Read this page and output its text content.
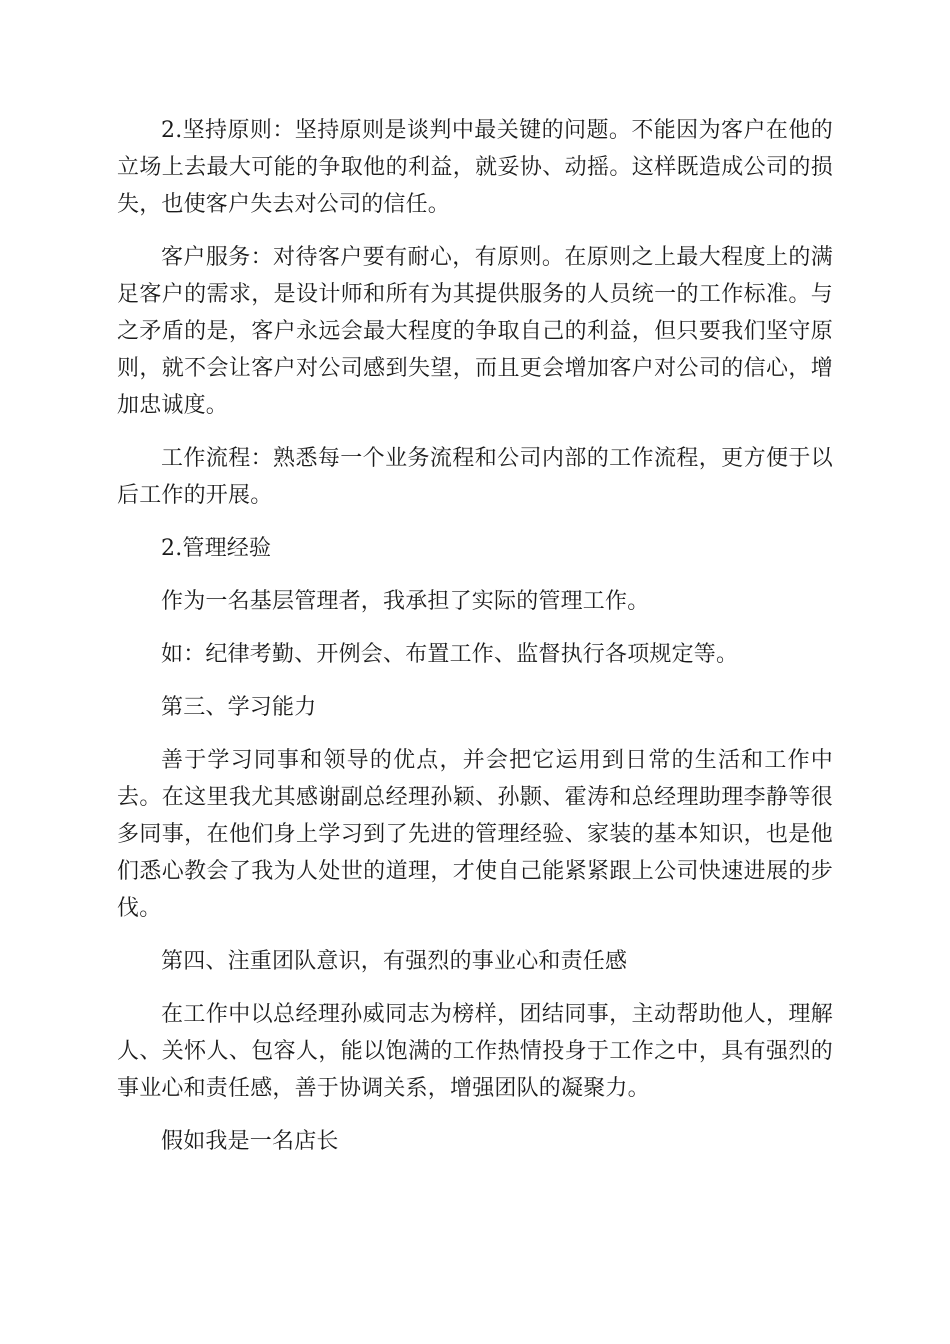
2.坚持原则：坚持原则是谈判中最关键的问题。不能因为客户在他的立场上去最大可能的争取他的利益，就妥协、动摇。这样既造成公司的损失，也使客户失去对公司的信任。

客户服务：对待客户要有耐心，有原则。在原则之上最大程度上的满足客户的需求，是设计师和所有为其提供服务的人员统一的工作标准。与之矛盾的是，客户永远会最大程度的争取自己的利益，但只要我们坚守原则，就不会让客户对公司感到失望，而且更会增加客户对公司的信心，增加忠诚度。

工作流程：熟悉每一个业务流程和公司内部的工作流程，更方便于以后工作的开展。

2.管理经验

作为一名基层管理者，我承担了实际的管理工作。

如：纪律考勤、开例会、布置工作、监督执行各项规定等。

第三、学习能力

善于学习同事和领导的优点，并会把它运用到日常的生活和工作中去。在这里我尤其感谢副总经理孙颖、孙颢、霍涛和总经理助理李静等很多同事，在他们身上学习到了先进的管理经验、家装的基本知识，也是他们悉心教会了我为人处世的道理，才使自己能紧紧跟上公司快速进展的步伐。

第四、注重团队意识，有强烈的事业心和责任感

在工作中以总经理孙威同志为榜样，团结同事，主动帮助他人，理解人、关怀人、包容人，能以饱满的工作热情投身于工作之中，具有强烈的事业心和责任感，善于协调关系，增强团队的凝聚力。

假如我是一名店长
